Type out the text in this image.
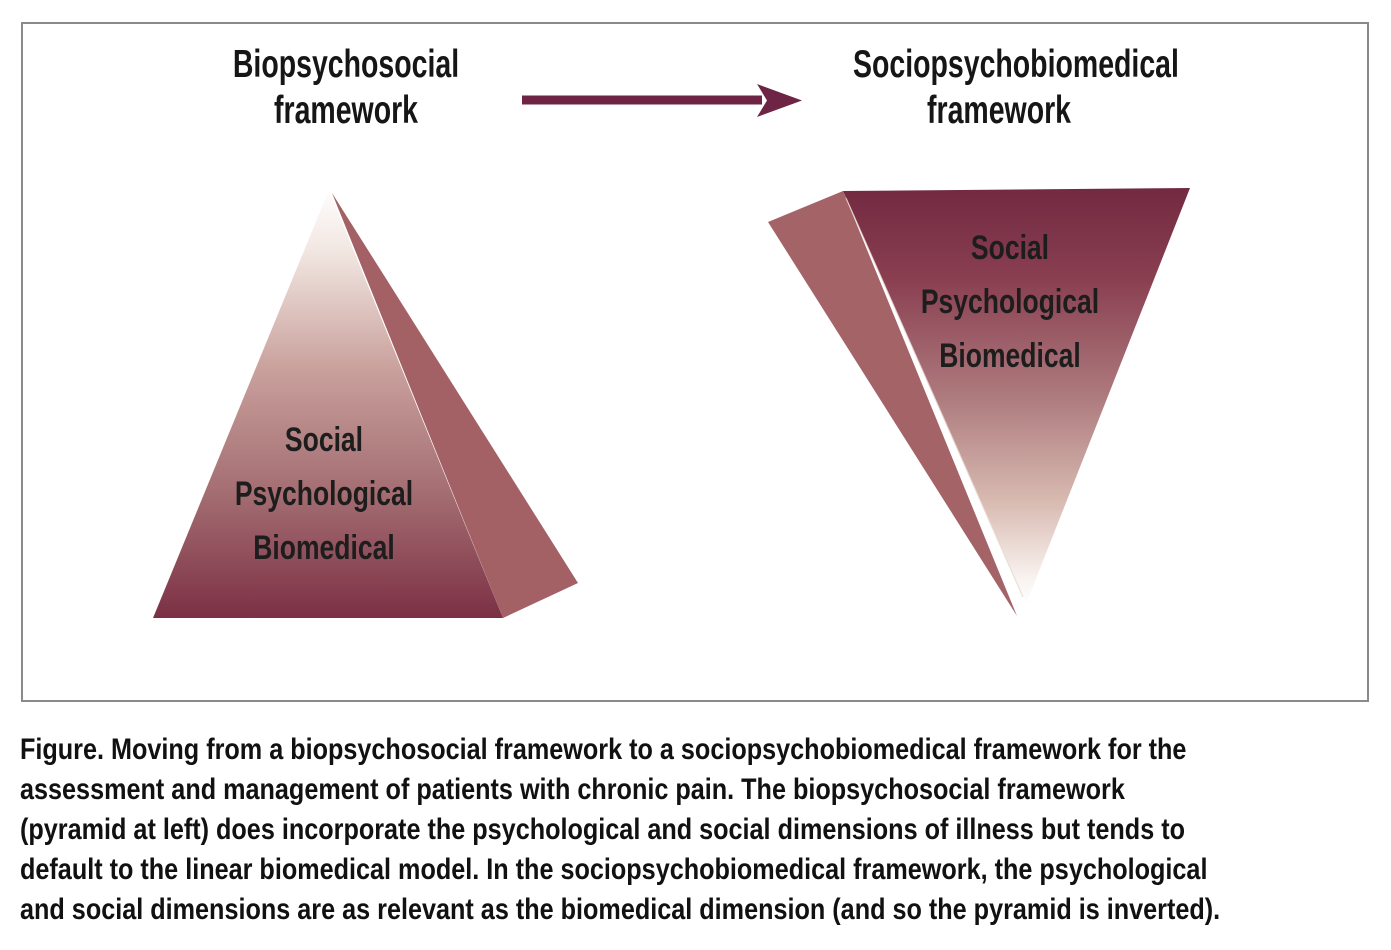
Biopsychosocial
framework
Sociopsychobiomedical
framework
Social
Psychological
Biomedical
Social
Psychological
Biomedical
Figure. Moving from a biopsychosocial framework to a sociopsychobiomedical framework for the
assessment and management of patients with chronic pain. The biopsychosocial framework
(pyramid at left) does incorporate the psychological and social dimensions of illness but tends to
default to the linear biomedical model. In the sociopsychobiomedical framework, the psychological
and social dimensions are as relevant as the biomedical dimension (and so the pyramid is inverted).
